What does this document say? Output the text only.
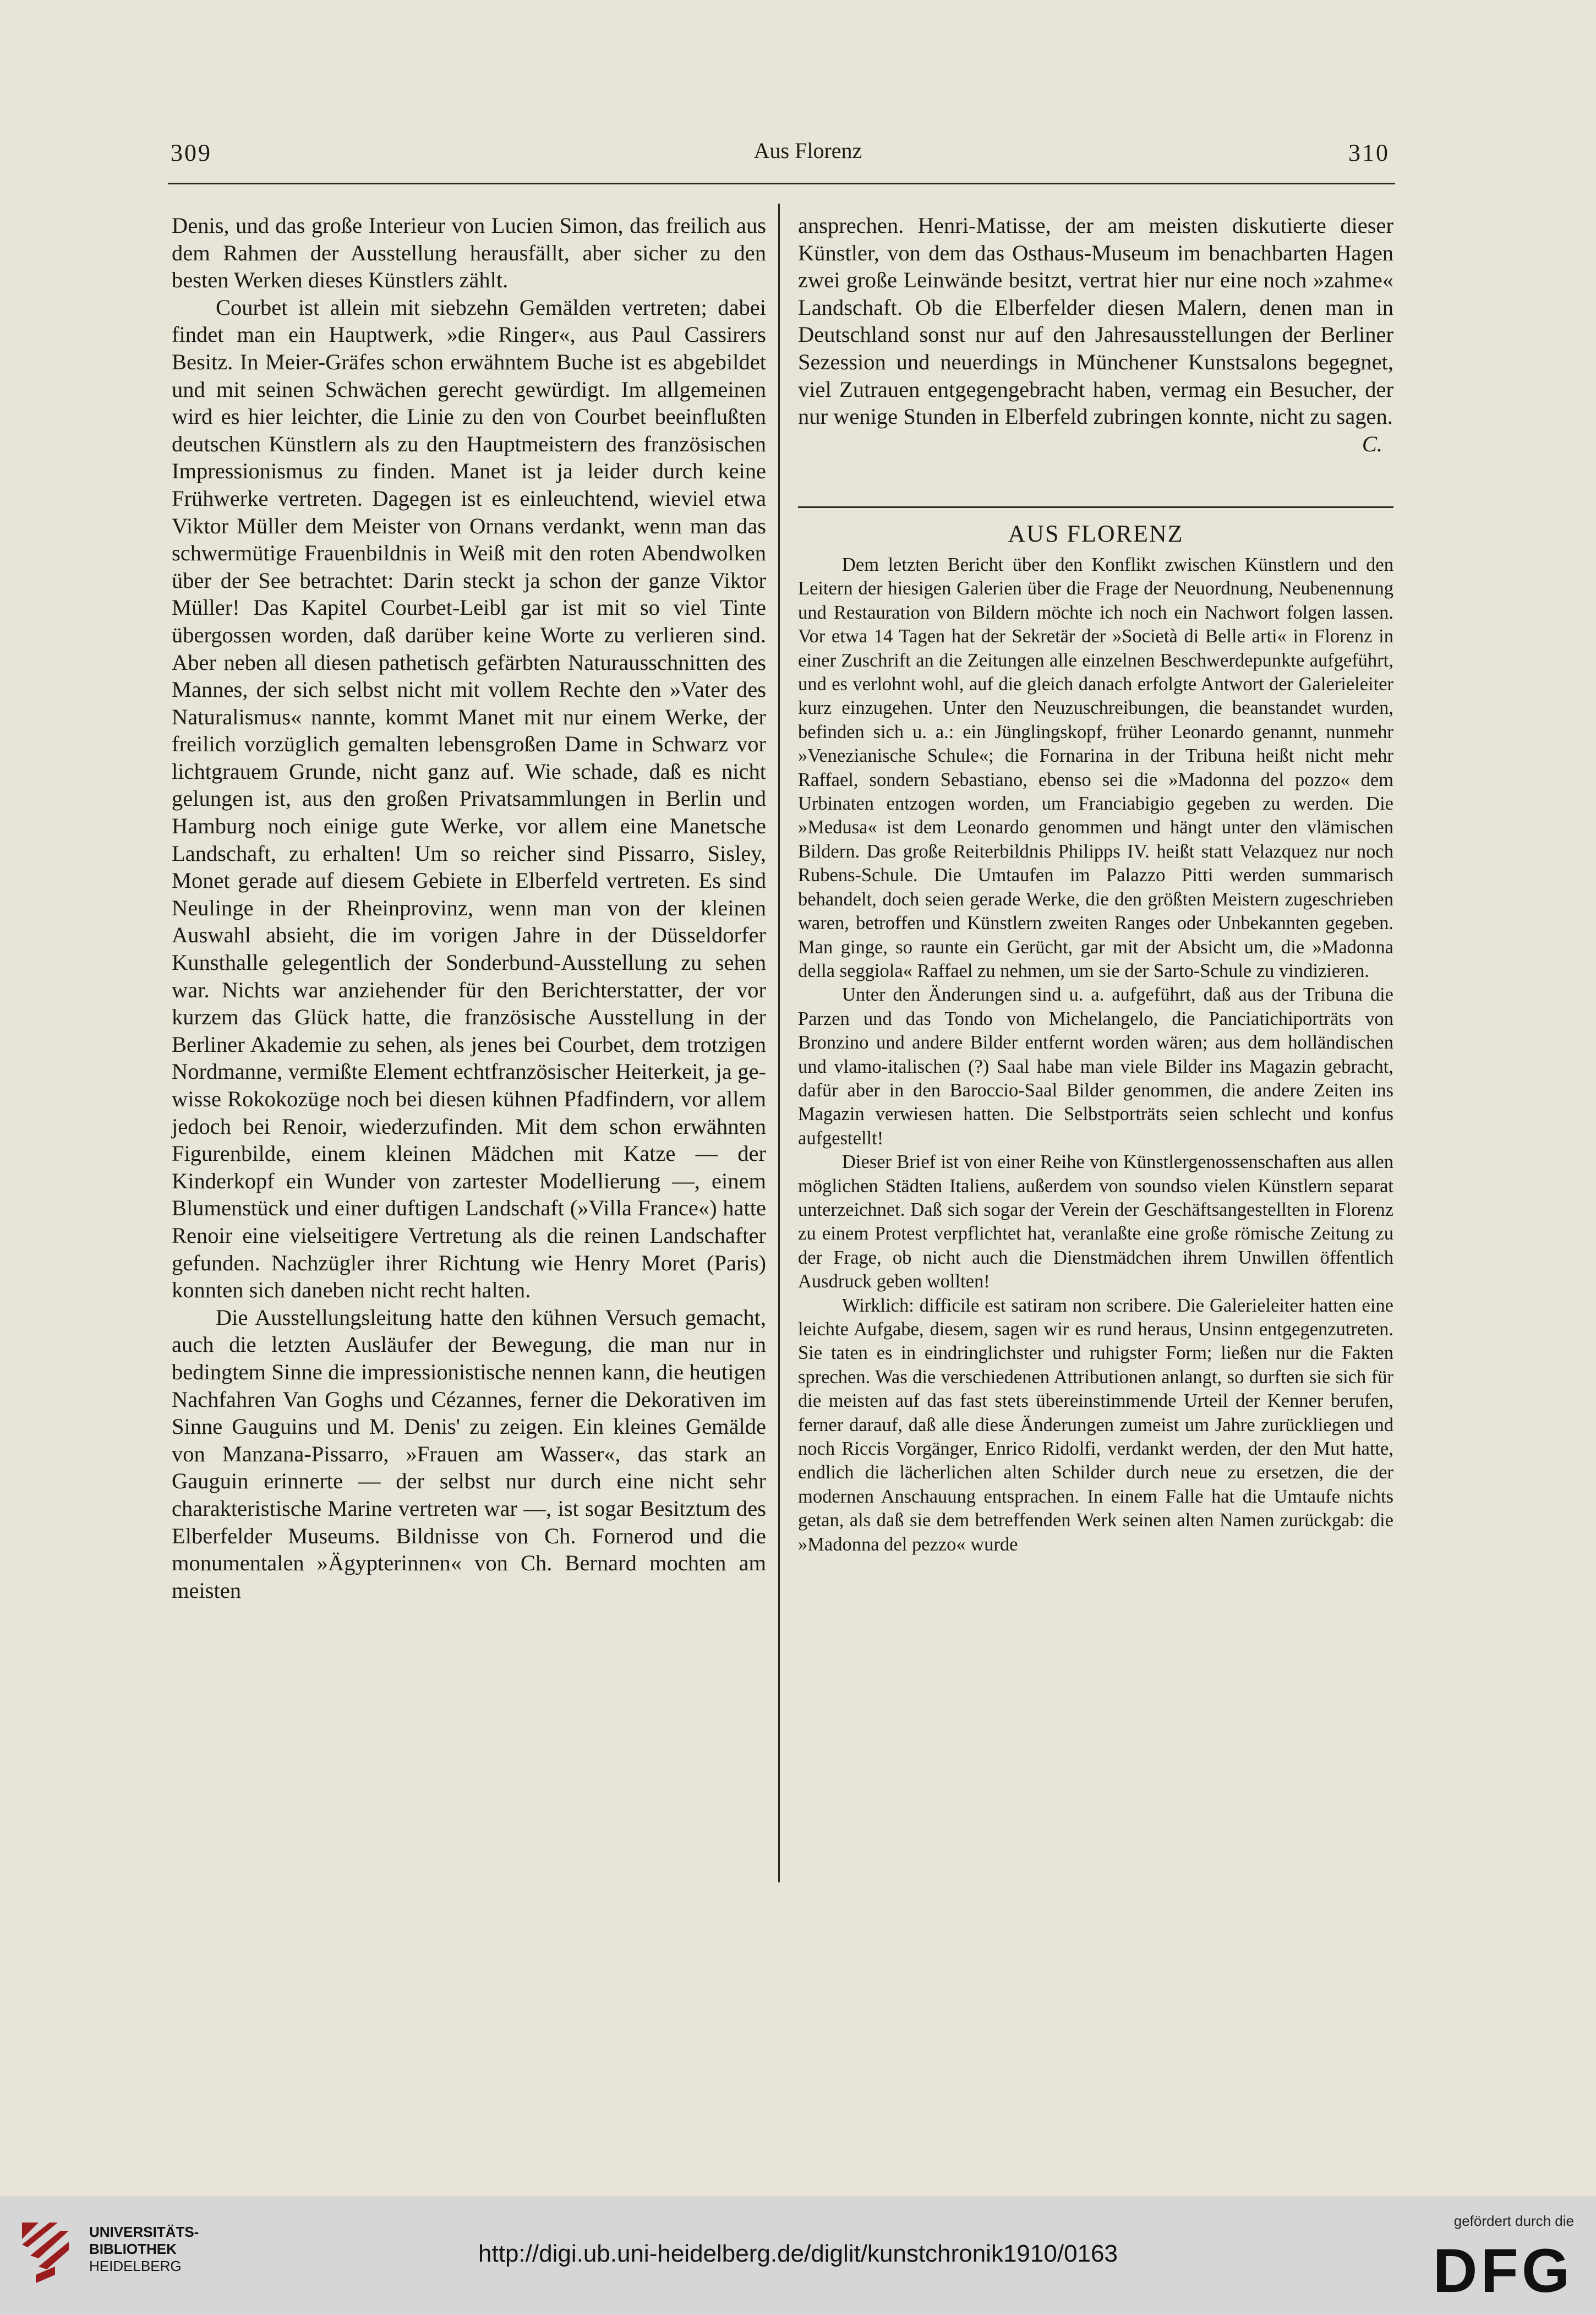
309	Aus Florenz	310

Denis, und das große Interieur von Lucien Simon, das freilich aus dem Rahmen der Ausstellung herausfällt, aber sicher zu den besten Werken dieses Künstlers zählt.

Courbet ist allein mit siebzehn Gemälden vertreten; dabei findet man ein Hauptwerk, »die Ringer«, aus Paul Cassirers Besitz. In Meier-Gräfes schon erwähntem Buche ist es abgebildet und mit seinen Schwächen gerecht gewürdigt. Im allgemeinen wird es hier leichter, die Linie zu den von Courbet beeinflußten deutschen Künstlern als zu den Hauptmeistern des französischen Impressionismus zu finden. Manet ist ja leider durch keine Frühwerke vertreten. Dagegen ist es einleuchtend, wieviel etwa Viktor Müller dem Meister von Ornans verdankt, wenn man das schwermütige Frauenbildnis in Weiß mit den roten Abendwolken über der See betrachtet: Darin steckt ja schon der ganze Viktor Müller! Das Kapitel Courbet-Leibl gar ist mit so viel Tinte übergossen worden, daß darüber keine Worte zu verlieren sind. Aber neben all diesen pathetisch gefärbten Naturausschnitten des Mannes, der sich selbst nicht mit vollem Rechte den »Vater des Naturalismus« nannte, kommt Manet mit nur einem Werke, der freilich vorzüglich gemalten lebensgroßen Dame in Schwarz vor lichtgrauem Grunde, nicht ganz auf. Wie schade, daß es nicht gelungen ist, aus den großen Privatsammlungen in Berlin und Hamburg noch einige gute Werke, vor allem eine Manetsche Landschaft, zu erhalten! Um so reicher sind Pissarro, Sisley, Monet gerade auf diesem Gebiete in Elberfeld vertreten. Es sind Neulinge in der Rheinprovinz, wenn man von der kleinen Auswahl absieht, die im vorigen Jahre in der Düsseldorfer Kunsthalle gelegentlich der Sonderbund-Ausstellung zu sehen war. Nichts war anziehender für den Berichterstatter, der vor kurzem das Glück hatte, die französische Ausstellung in der Berliner Akademie zu sehen, als jenes bei Courbet, dem trotzigen Nordmanne, vermißte Element echtfranzösischer Heiterkeit, ja gewisse Rokokozüge noch bei diesen kühnen Pfadfindern, vor allem jedoch bei Renoir, wiederzufinden. Mit dem schon erwähnten Figurenbilde, einem kleinen Mädchen mit Katze — der Kinderkopf ein Wunder von zartester Modellierung —, einem Blumenstück und einer duftigen Landschaft (»Villa France«) hatte Renoir eine vielseitigere Vertretung als die reinen Landschafter gefunden. Nachzügler ihrer Richtung wie Henry Moret (Paris) konnten sich daneben nicht recht halten.

Die Ausstellungsleitung hatte den kühnen Versuch gemacht, auch die letzten Ausläufer der Bewegung, die man nur in bedingtem Sinne die impressionistische nennen kann, die heutigen Nachfahren Van Goghs und Cézannes, ferner die Dekorativen im Sinne Gauguins und M. Denis' zu zeigen. Ein kleines Gemälde von Manzana-Pissarro, »Frauen am Wasser«, das stark an Gauguin erinnerte — der selbst nur durch eine nicht sehr charakteristische Marine vertreten war —, ist sogar Besitztum des Elberfelder Museums. Bildnisse von Ch. Fornerod und die monumentalen »Ägypterinnen« von Ch. Bernard mochten am meisten

ansprechen. Henri-Matisse, der am meisten diskutierte dieser Künstler, von dem das Osthaus-Museum im benachbarten Hagen zwei große Leinwände besitzt, vertrat hier nur eine noch »zahme« Landschaft. Ob die Elberfelder diesen Malern, denen man in Deutschland sonst nur auf den Jahresausstellungen der Berliner Sezession und neuerdings in Münchener Kunstsalons begegnet, viel Zutrauen entgegengebracht haben, vermag ein Besucher, der nur wenige Stunden in Elberfeld zubringen konnte, nicht zu sagen.
C.

AUS FLORENZ

Dem letzten Bericht über den Konflikt zwischen Künstlern und den Leitern der hiesigen Galerien über die Frage der Neuordnung, Neubenennung und Restauration von Bildern möchte ich noch ein Nachwort folgen lassen. Vor etwa 14 Tagen hat der Sekretär der »Società di Belle arti« in Florenz in einer Zuschrift an die Zeitungen alle einzelnen Beschwerdepunkte aufgeführt, und es verlohnt wohl, auf die gleich danach erfolgte Antwort der Galerieleiter kurz einzugehen. Unter den Neuzuschreibungen, die beanstandet wurden, befinden sich u. a.: ein Jünglingskopf, früher Leonardo genannt, nunmehr »Venezianische Schule«; die Fornarina in der Tribuna heißt nicht mehr Raffael, sondern Sebastiano, ebenso sei die »Madonna del pozzo« dem Urbinaten entzogen worden, um Franciabigio gegeben zu werden. Die »Medusa« ist dem Leonardo genommen und hängt unter den vlämischen Bildern. Das große Reiterbildnis Philipps IV. heißt statt Velazquez nur noch Rubens-Schule. Die Umtaufen im Palazzo Pitti werden summarisch behandelt, doch seien gerade Werke, die den größten Meistern zugeschrieben waren, betroffen und Künstlern zweiten Ranges oder Unbekannten gegeben. Man ginge, so raunte ein Gerücht, gar mit der Absicht um, die »Madonna della seggiola« Raffael zu nehmen, um sie der Sarto-Schule zu vindizieren.

Unter den Änderungen sind u. a. aufgeführt, daß aus der Tribuna die Parzen und das Tondo von Michelangelo, die Panciatichiporträts von Bronzino und andere Bilder entfernt worden wären; aus dem holländischen und vlamo-italischen (?) Saal habe man viele Bilder ins Magazin gebracht, dafür aber in den Baroccio-Saal Bilder genommen, die andere Zeiten ins Magazin verwiesen hatten. Die Selbstporträts seien schlecht und konfus aufgestellt!

Dieser Brief ist von einer Reihe von Künstlergenossenschaften aus allen möglichen Städten Italiens, außerdem von soundso vielen Künstlern separat unterzeichnet. Daß sich sogar der Verein der Geschäftsangestellten in Florenz zu einem Protest verpflichtet hat, veranlaßte eine große römische Zeitung zu der Frage, ob nicht auch die Dienstmädchen ihrem Unwillen öffentlich Ausdruck geben wollten!

Wirklich: difficile est satiram non scribere. Die Galerieleiter hatten eine leichte Aufgabe, diesem, sagen wir es rund heraus, Unsinn entgegenzutreten. Sie taten es in eindringlichster und ruhigster Form; ließen nur die Fakten sprechen. Was die verschiedenen Attributionen anlangt, so durften sie sich für die meisten auf das fast stets übereinstimmende Urteil der Kenner berufen, ferner darauf, daß alle diese Änderungen zumeist um Jahre zurückliegen und noch Riccis Vorgänger, Enrico Ridolfi, verdankt werden, der den Mut hatte, endlich die lächerlichen alten Schilder durch neue zu ersetzen, die der modernen Anschauung entsprachen. In einem Falle hat die Umtaufe nichts getan, als daß sie dem betreffenden Werk seinen alten Namen zurückgab: die »Madonna del pezzo« wurde

UNIVERSITÄTS-
BIBLIOTHEK
HEIDELBERG	http://digi.ub.uni-heidelberg.de/diglit/kunstchronik1910/0163
gefördert durch die
DFG
